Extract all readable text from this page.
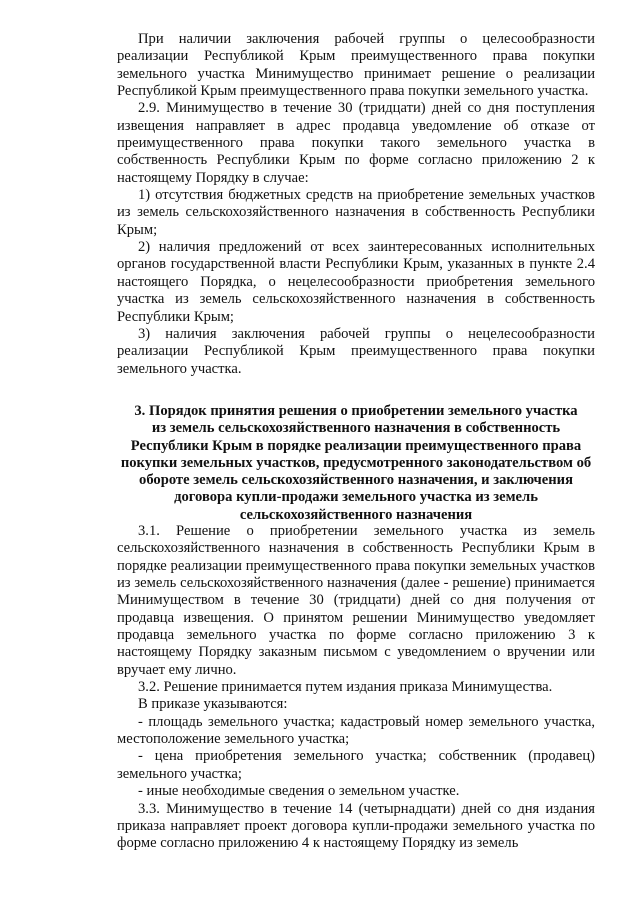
При наличии заключения рабочей группы о целесообразности реализации Республикой Крым преимущественного права покупки земельного участка Минимущество принимает решение о реализации Республикой Крым преимущественного права покупки земельного участка.

2.9. Минимущество в течение 30 (тридцати) дней со дня поступления извещения направляет в адрес продавца уведомление об отказе от преимущественного права покупки такого земельного участка в собственность Республики Крым по форме согласно приложению 2 к настоящему Порядку в случае:

1) отсутствия бюджетных средств на приобретение земельных участков из земель сельскохозяйственного назначения в собственность Республики Крым;

2) наличия предложений от всех заинтересованных исполнительных органов государственной власти Республики Крым, указанных в пункте 2.4 настоящего Порядка, о нецелесообразности приобретения земельного участка из земель сельскохозяйственного назначения в собственность Республики Крым;

3) наличия заключения рабочей группы о нецелесообразности реализации Республикой Крым преимущественного права покупки земельного участка.

3. Порядок принятия решения о приобретении земельного участка
из земель сельскохозяйственного назначения в собственность
Республики Крым в порядке реализации преимущественного права
покупки земельных участков, предусмотренного законодательством об
обороте земель сельскохозяйственного назначения, и заключения
договора купли-продажи земельного участка из земель
сельскохозяйственного назначения

3.1. Решение о приобретении земельного участка из земель сельскохозяйственного назначения в собственность Республики Крым в порядке реализации преимущественного права покупки земельных участков из земель сельскохозяйственного назначения (далее - решение) принимается Минимуществом в течение 30 (тридцати) дней со дня получения от продавца извещения. О принятом решении Минимущество уведомляет продавца земельного участка по форме согласно приложению 3 к настоящему Порядку заказным письмом с уведомлением о вручении или вручает ему лично.

3.2. Решение принимается путем издания приказа Минимущества.

В приказе указываются:

- площадь земельного участка; кадастровый номер земельного участка, местоположение земельного участка;

- цена приобретения земельного участка; собственник (продавец) земельного участка;

- иные необходимые сведения о земельном участке.

3.3. Минимущество в течение 14 (четырнадцати) дней со дня издания приказа направляет проект договора купли-продажи земельного участка по форме согласно приложению 4 к настоящему Порядку из земель
